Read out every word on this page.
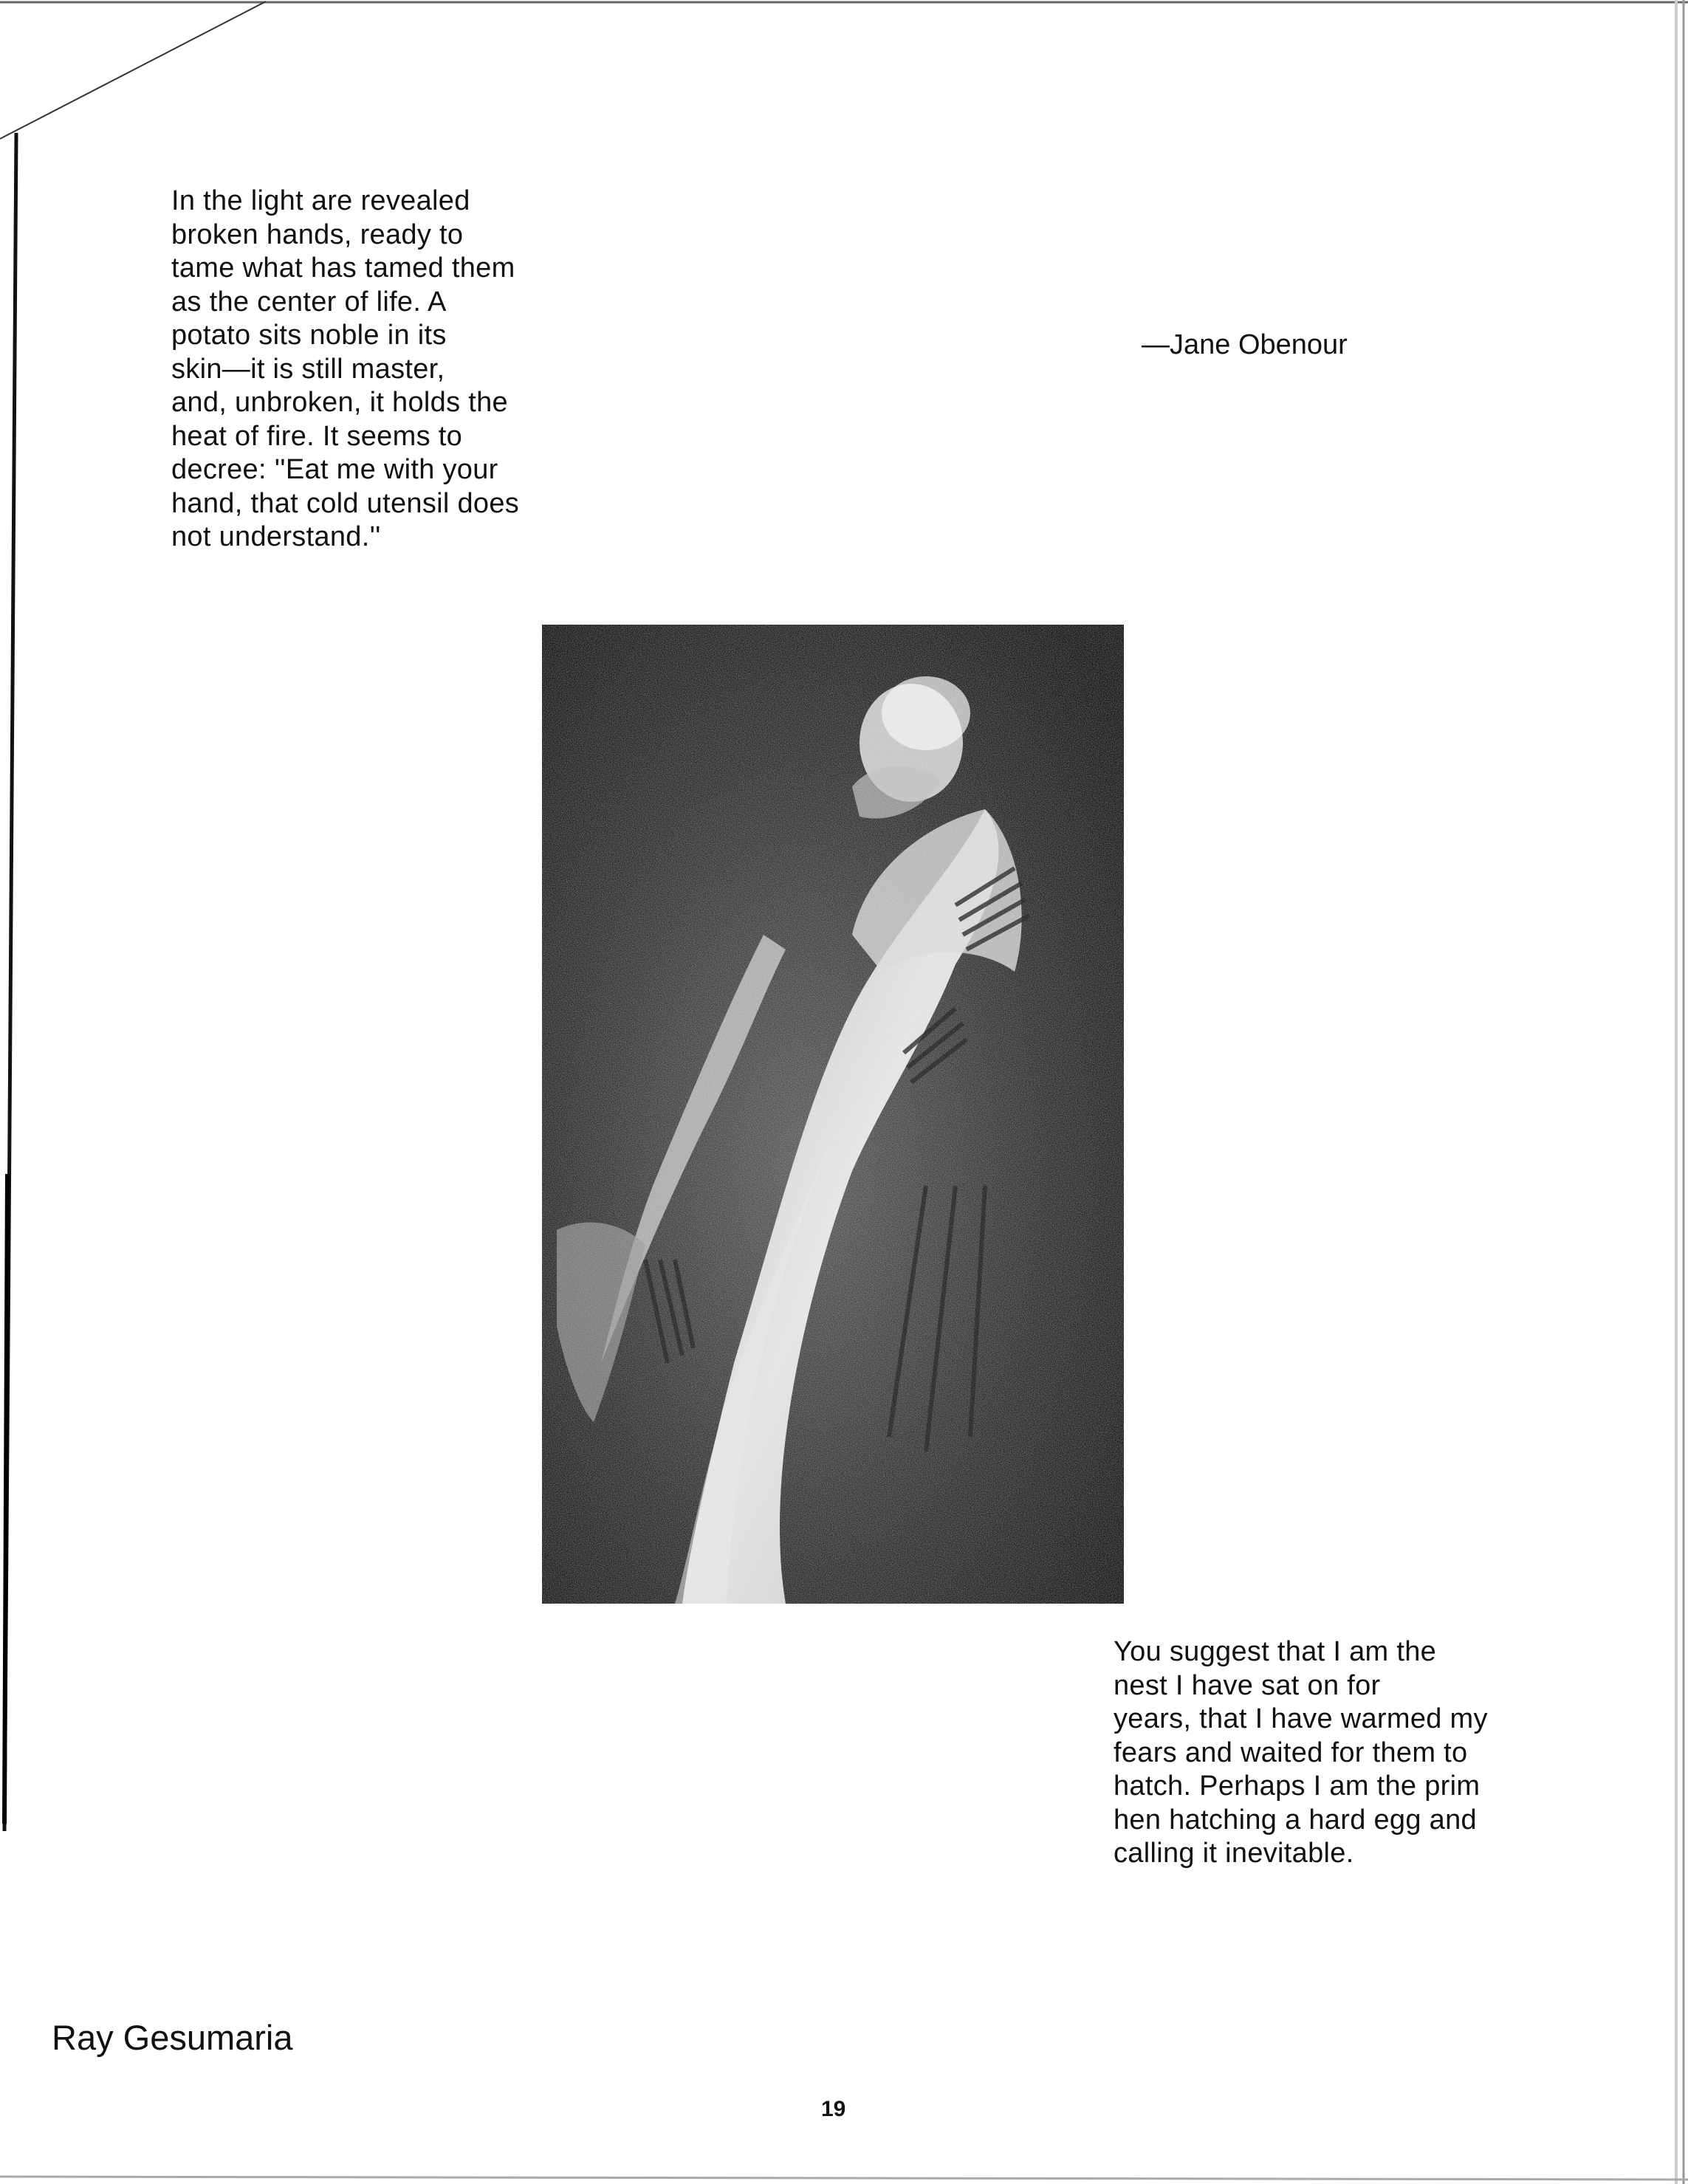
In the light are revealed
broken hands, ready to
tame what has tamed them
as the center of life. A
potato sits noble in its
skin—it is still master,
and, unbroken, it holds the
heat of fire. It seems to
decree: ''Eat me with your
hand, that cold utensil does
not understand.''
—Jane Obenour
You suggest that I am the
nest I have sat on for
years, that I have warmed my
fears and waited for them to
hatch. Perhaps I am the prim
hen hatching a hard egg and
calling it inevitable.
Ray Gesumaria
19
